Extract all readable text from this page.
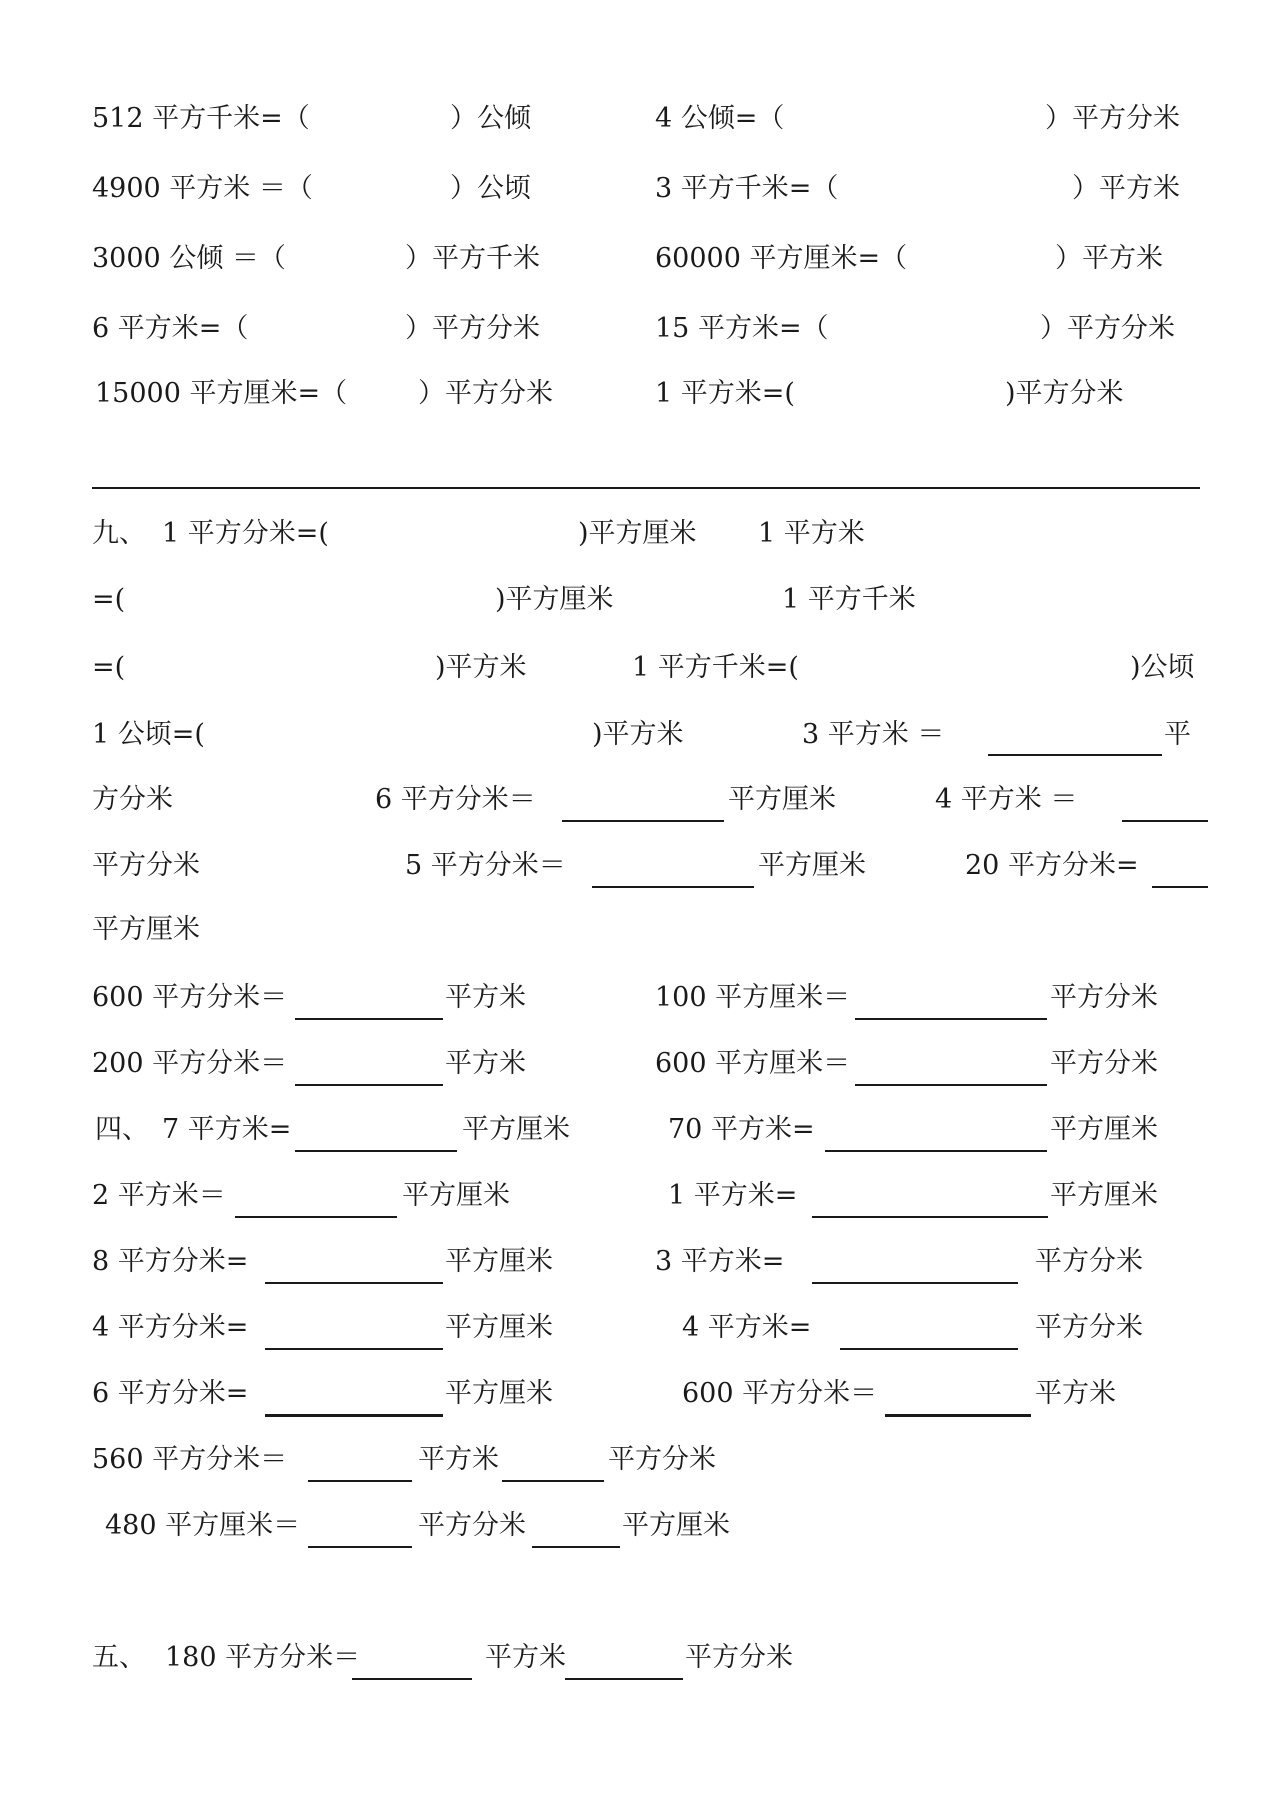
512 平方千米=（	）公倾	4 公倾=（	）平方分米
4900 平方米 ＝（	）公顷	3 平方千米=（	）平方米
3000 公倾 ＝（	）平方千米	60000 平方厘米=（	）平方米
6 平方米=（	）平方分米	15 平方米=（	）平方分米
15000 平方厘米=（	）平方分米	1 平方米=(	)平方分米
九、 1 平方分米=(	)平方厘米 1 平方米
=(	)平方厘米	1 平方千米
=(	)平方米	1 平方千米=(	)公顷
1 公顷=(	)平方米	3 平方米 ＝	平
方分米	6 平方分米＝	平方厘米	4 平方米 ＝
平方分米	5 平方分米＝	平方厘米	20 平方分米=
平方厘米
600 平方分米＝	平方米	100 平方厘米＝	平方分米
200 平方分米＝	平方米	600 平方厘米＝	平方分米
四、 7 平方米=	平方厘米	70 平方米=	平方厘米
2 平方米＝	平方厘米	1 平方米=	平方厘米
8 平方分米=	平方厘米	3 平方米=	平方分米
4 平方分米=	平方厘米	4 平方米=	平方分米
6 平方分米=	平方厘米	600 平方分米＝	平方米
560 平方分米＝	平方米	平方分米
480 平方厘米＝	平方分米	平方厘米
五、 180 平方分米＝	平方米	平方分米
